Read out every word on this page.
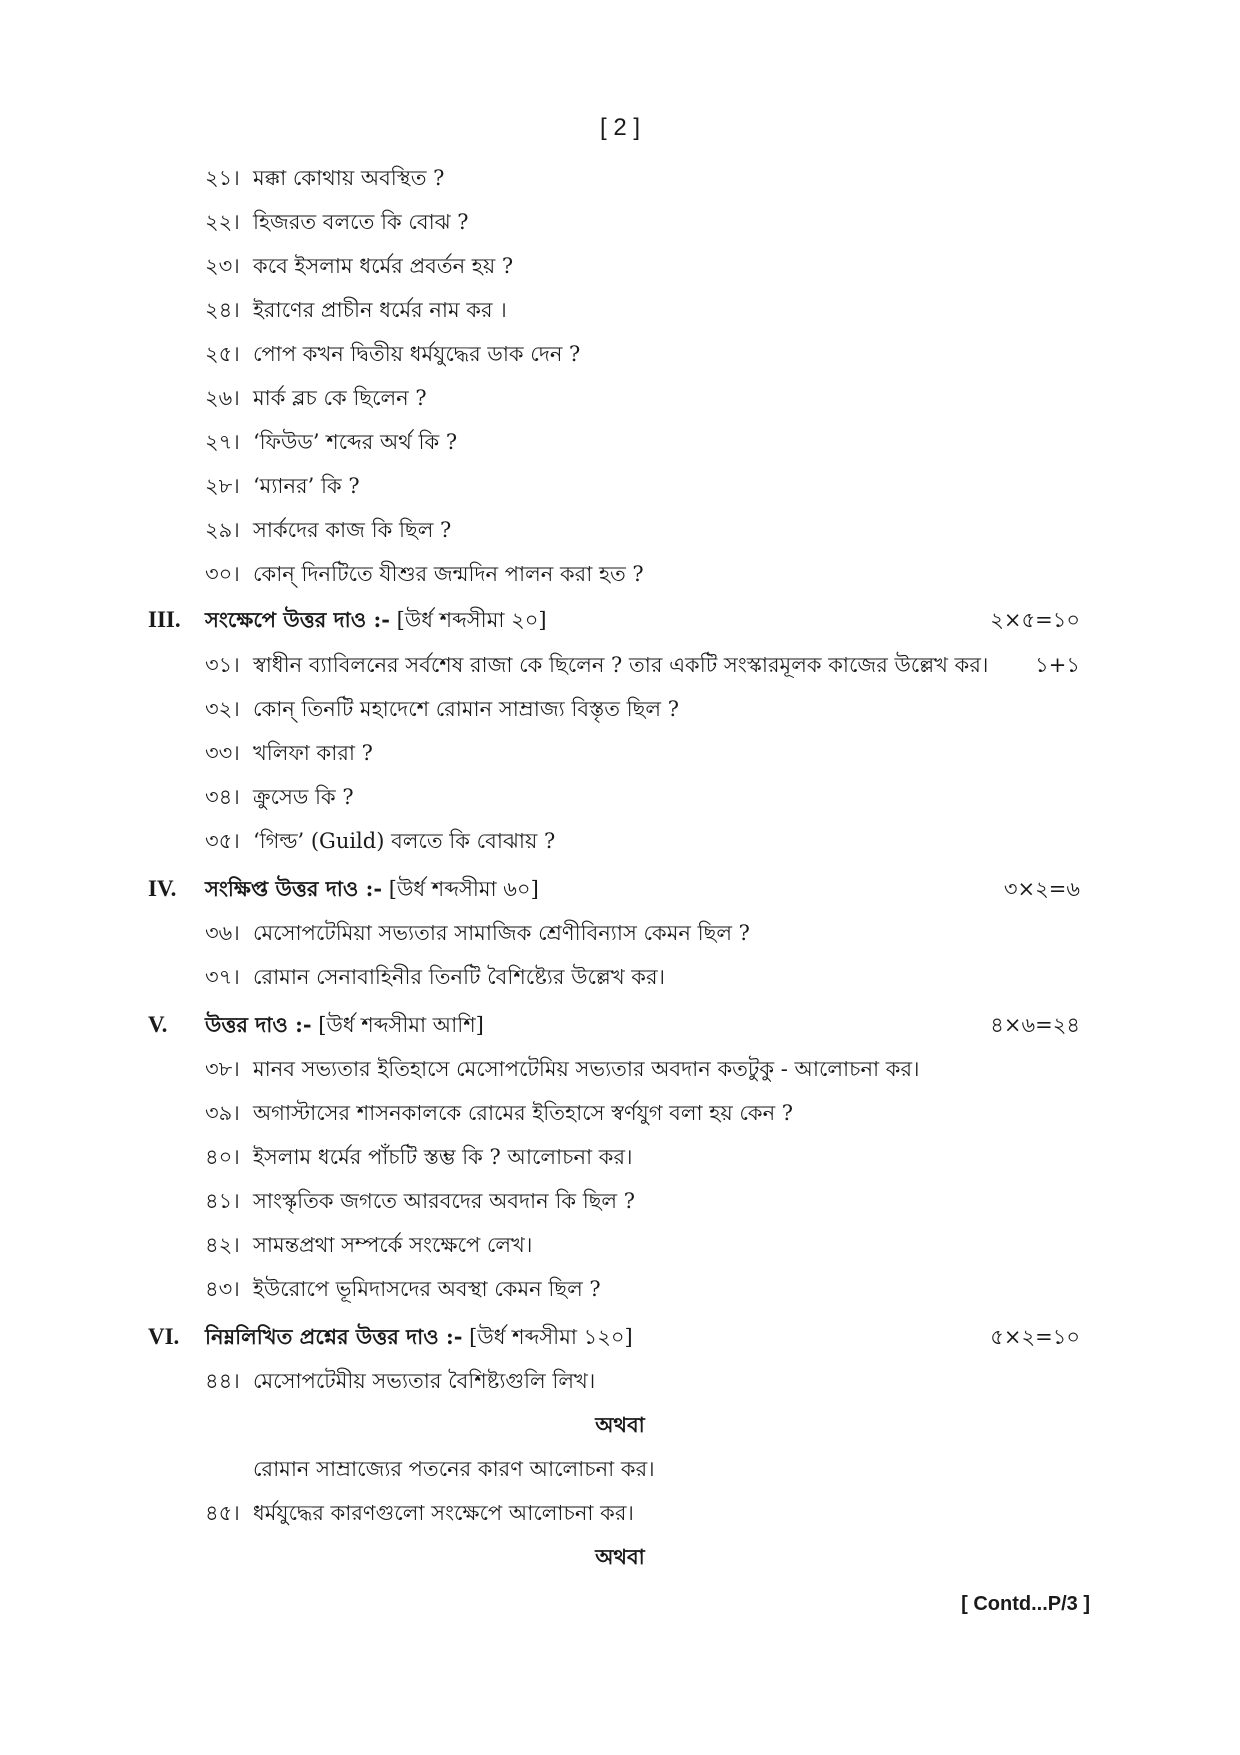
[ 2 ]
২১। মক্কা কোথায় অবস্থিত ?
২২। হিজরত বলতে কি বোঝ ?
২৩। কবে ইসলাম ধর্মের প্রবর্তন হয় ?
২৪। ইরাণের প্রাচীন ধর্মের নাম কর ।
২৫। পোপ কখন দ্বিতীয় ধর্মযুদ্ধের ডাক দেন ?
২৬। মার্ক ব্লচ কে ছিলেন ?
২৭। ‘ফিউড’ শব্দের অর্থ কি ?
২৮। ‘ম্যানর’ কি ?
২৯। সার্কদের কাজ কি ছিল ?
৩০। কোন্ দিনটিতে যীশুর জন্মদিন পালন করা হত ?
III. সংক্ষেপে উত্তর দাও :- [উর্ধ শব্দসীমা ২০]	২×৫=১০
৩১। স্বাধীন ব্যাবিলনের সর্বশেষ রাজা কে ছিলেন ? তার একটি সংস্কারমূলক কাজের উল্লেখ কর। ১+১
৩২। কোন্ তিনটি মহাদেশে রোমান সাম্রাজ্য বিস্তৃত ছিল ?
৩৩। খলিফা কারা ?
৩৪। ক্রুসেড কি ?
৩৫। ‘গিল্ড’ (Guild) বলতে কি বোঝায় ?
IV. সংক্ষিপ্ত উত্তর দাও :- [উর্ধ শব্দসীমা ৬০]	৩×২=৬
৩৬। মেসোপটেমিয়া সভ্যতার সামাজিক শ্রেণীবিন্যাস কেমন ছিল ?
৩৭। রোমান সেনাবাহিনীর তিনটি বৈশিষ্ট্যের উল্লেখ কর।
V. উত্তর দাও :- [উর্ধ শব্দসীমা আশি]	৪×৬=২৪
৩৮। মানব সভ্যতার ইতিহাসে মেসোপটেমিয় সভ্যতার অবদান কতটুকু - আলোচনা কর।
৩৯। অগাস্টাসের শাসনকালকে রোমের ইতিহাসে স্বর্ণযুগ বলা হয় কেন ?
৪০। ইসলাম ধর্মের পাঁচটি স্তম্ভ কি ? আলোচনা কর।
৪১। সাংস্কৃতিক জগতে আরবদের অবদান কি ছিল ?
৪২। সামন্তপ্রথা সম্পর্কে সংক্ষেপে লেখ।
৪৩। ইউরোপে ভূমিদাসদের অবস্থা কেমন ছিল ?
VI. নিম্নলিখিত প্রশ্নের উত্তর দাও :- [উর্ধ শব্দসীমা ১২০]	৫×২=১০
৪৪। মেসোপটেমীয় সভ্যতার বৈশিষ্ট্যগুলি লিখ।
অথবা
রোমান সাম্রাজ্যের পতনের কারণ আলোচনা কর।
৪৫। ধর্মযুদ্ধের কারণগুলো সংক্ষেপে আলোচনা কর।
অথবা
[ Contd...P/3 ]
